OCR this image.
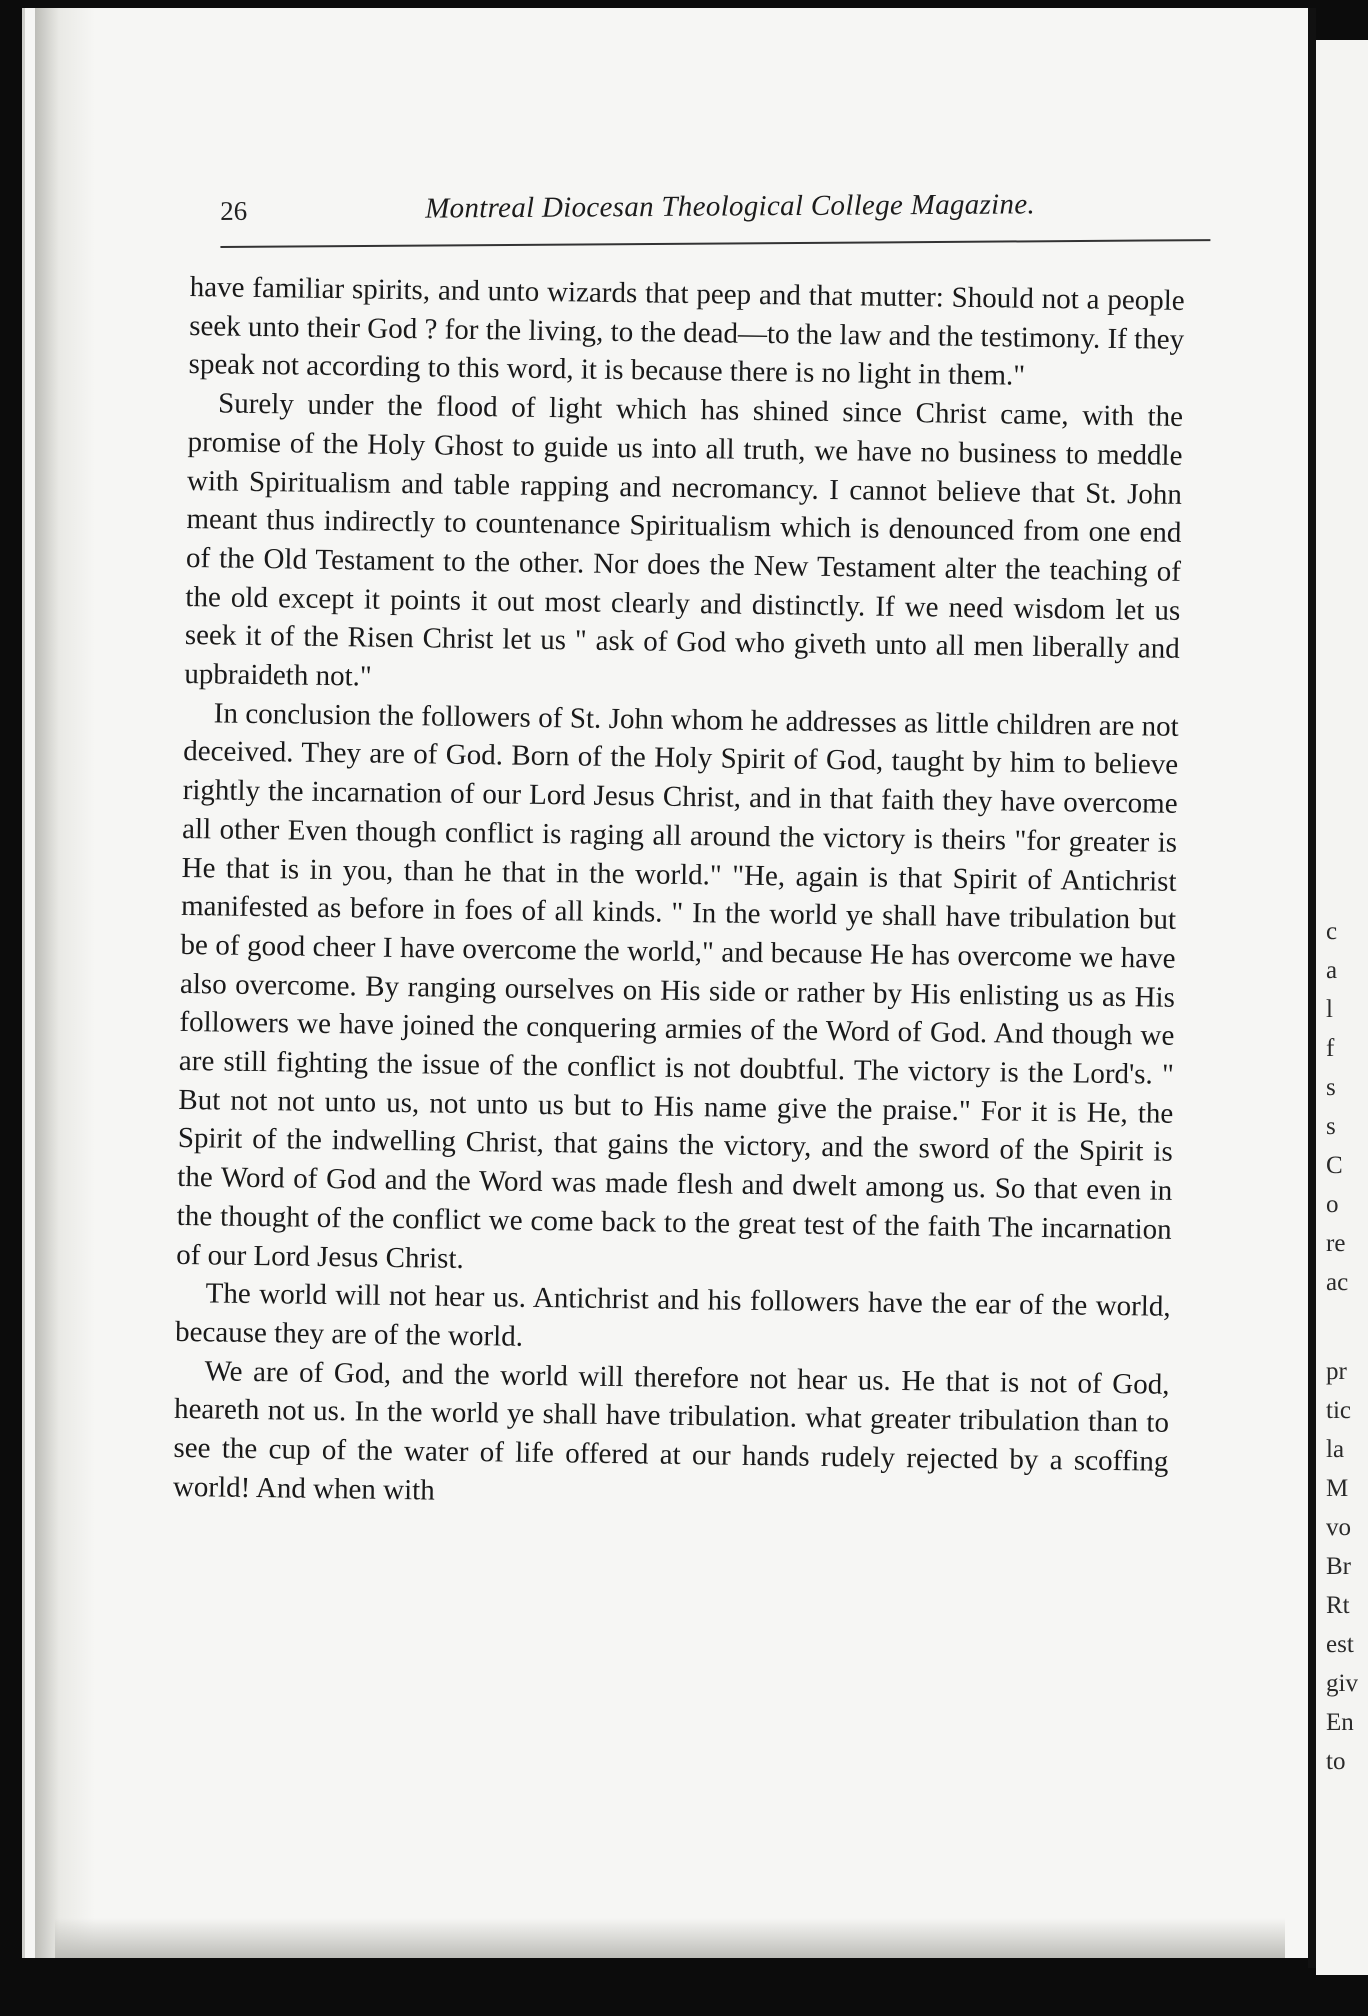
26	Montreal Diocesan Theological College Magazine.

have familiar spirits, and unto wizards that peep and that mutter: Should not a people seek unto their God ? for the living, to the dead—to the law and the testimony. If they speak not according to this word, it is because there is no light in them."

Surely under the flood of light which has shined since Christ came, with the promise of the Holy Ghost to guide us into all truth, we have no business to meddle with Spiritualism and table rapping and necromancy. I cannot believe that St. John meant thus indirectly to countenance Spiritualism which is denounced from one end of the Old Testament to the other. Nor does the New Testament alter the teaching of the old except it points it out most clearly and distinctly. If we need wisdom let us seek it of the Risen Christ let us " ask of God who giveth unto all men liberally and upbraideth not."

In conclusion the followers of St. John whom he addresses as little children are not deceived. They are of God. Born of the Holy Spirit of God, taught by him to believe rightly the incarnation of our Lord Jesus Christ, and in that faith they have overcome all other Even though conflict is raging all around the victory is theirs "for greater is He that is in you, than he that in the world." "He, again is that Spirit of Antichrist manifested as before in foes of all kinds. " In the world ye shall have tribulation but be of good cheer I have overcome the world," and because He has overcome we have also overcome. By ranging ourselves on His side or rather by His enlisting us as His followers we have joined the conquering armies of the Word of God. And though we are still fighting the issue of the conflict is not doubtful. The victory is the Lord's. " But not not unto us, not unto us but to His name give the praise." For it is He, the Spirit of the indwelling Christ, that gains the victory, and the sword of the Spirit is the Word of God and the Word was made flesh and dwelt among us. So that even in the thought of the conflict we come back to the great test of the faith The incarnation of our Lord Jesus Christ.

The world will not hear us. Antichrist and his followers have the ear of the world, because they are of the world.

We are of God, and the world will therefore not hear us. He that is not of God, heareth not us. In the world ye shall have tribulation. what greater tribulation than to see the cup of the water of life offered at our hands rudely rejected by a scoffing world! And when with

c
a
l
f
s
s
C
o
re
ac
pr
tic
la
M
vo
Br
Rt
est
giv
En
to
